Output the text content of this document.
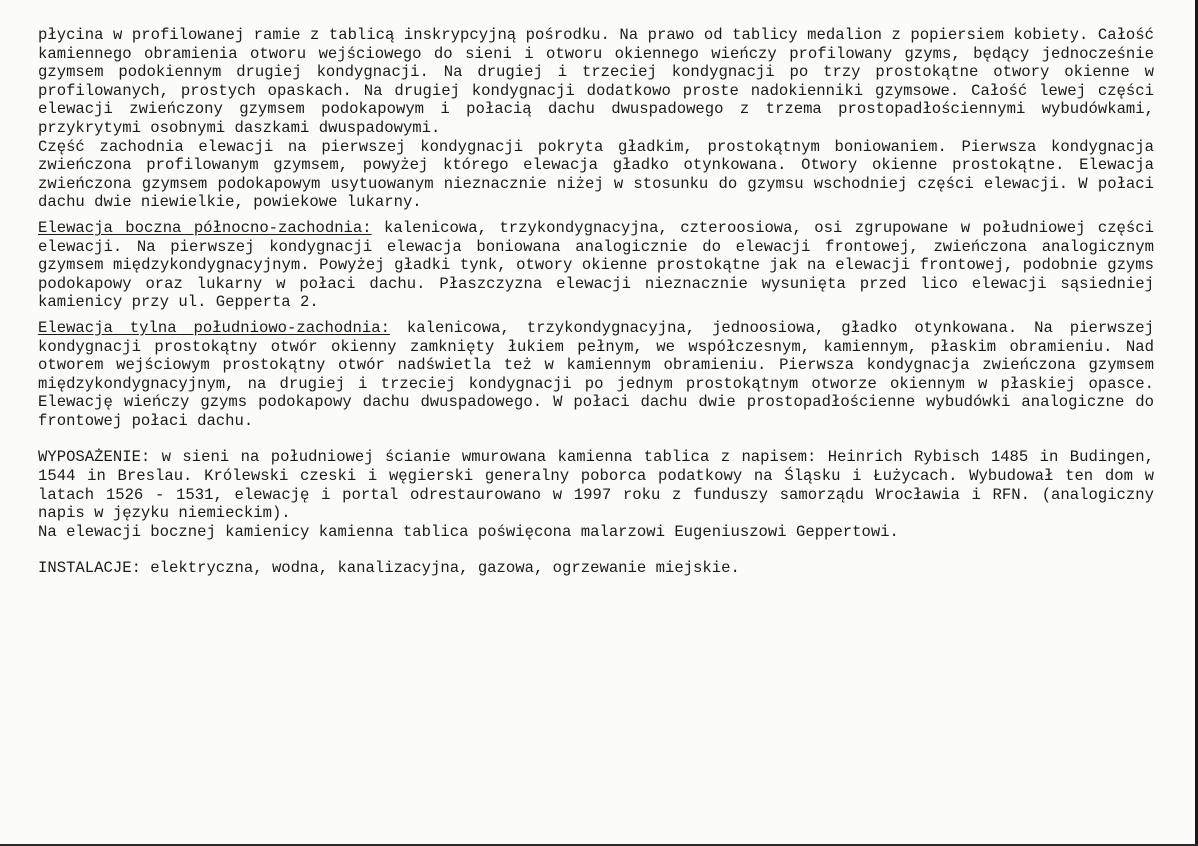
płycina w profilowanej ramie z tablicą inskrypcyjną pośrodku. Na prawo od tablicy medalion z popiersiem kobiety. Całość kamiennego obramienia otworu wejściowego do sieni i otworu okiennego wieńczy profilowany gzyms, będący jednocześnie gzymsem podokiennym drugiej kondygnacji. Na drugiej i trzeciej kondygnacji po trzy prostokątne otwory okienne w profilowanych, prostych opaskach. Na drugiej kondygnacji dodatkowo proste nadokienniki gzymsowe. Całość lewej części elewacji zwieńczony gzymsem podokapowym i połacią dachu dwuspadowego z trzema prostopadłościennymi wybudówkami, przykrytymi osobnymi daszkami dwuspadowymi.

Część zachodnia elewacji na pierwszej kondygnacji pokryta gładkim, prostokątnym boniowaniem. Pierwsza kondygnacja zwieńczona profilowanym gzymsem, powyżej którego elewacja gładko otynkowana. Otwory okienne prostokątne. Elewacja zwieńczona gzymsem podokapowym usytuowanym nieznacznie niżej w stosunku do gzymsu wschodniej części elewacji. W połaci dachu dwie niewielkie, powiekowe lukarny.

Elewacja boczna północno-zachodnia: kalenicowa, trzykondygnacyjna, czteroosiowa, osi zgrupowane w południowej części elewacji. Na pierwszej kondygnacji elewacja boniowana analogicznie do elewacji frontowej, zwieńczona analogicznym gzymsem międzykondygnacyjnym. Powyżej gładki tynk, otwory okienne prostokątne jak na elewacji frontowej, podobnie gzyms podokapowy oraz lukarny w połaci dachu. Płaszczyzna elewacji nieznacznie wysunięta przed lico elewacji sąsiedniej kamienicy przy ul. Gepperta 2.

Elewacja tylna południowo-zachodnia: kalenicowa, trzykondygnacyjna, jednoosiowa, gładko otynkowana. Na pierwszej kondygnacji prostokątny otwór okienny zamknięty łukiem pełnym, we współczesnym, kamiennym, płaskim obramieniu. Nad otworem wejściowym prostokątny otwór nadświetla też w kamiennym obramieniu. Pierwsza kondygnacja zwieńczona gzymsem międzykondygnacyjnym, na drugiej i trzeciej kondygnacji po jednym prostokątnym otworze okiennym w płaskiej opasce. Elewację wieńczy gzyms podokapowy dachu dwuspadowego. W połaci dachu dwie prostopadłościenne wybudówki analogiczne do frontowej połaci dachu.

WYPOSAŻENIE: w sieni na południowej ścianie wmurowana kamienna tablica z napisem: Heinrich Rybisch 1485 in Budingen, 1544 in Breslau. Królewski czeski i węgierski generalny poborca podatkowy na Śląsku i Łużycach. Wybudował ten dom w latach 1526 - 1531, elewację i portal odrestaurowano w 1997 roku z funduszy samorządu Wrocławia i RFN. (analogiczny napis w języku niemieckim).

Na elewacji bocznej kamienicy kamienna tablica poświęcona malarzowi Eugeniuszowi Geppertowi.

INSTALACJE: elektryczna, wodna, kanalizacyjna, gazowa, ogrzewanie miejskie.
